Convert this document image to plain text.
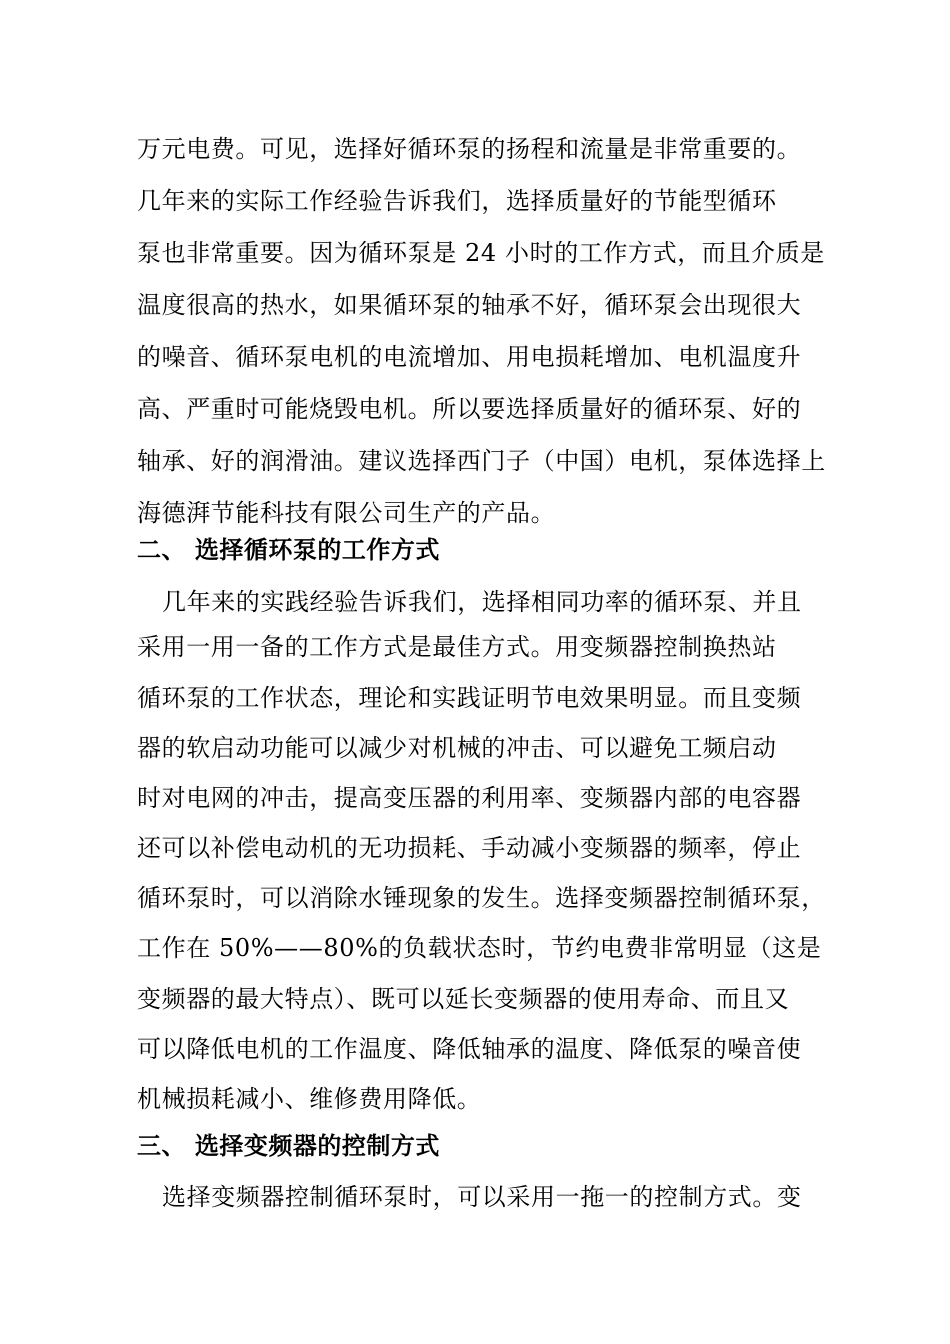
万元电费。可见，选择好循环泵的扬程和流量是非常重要的。
几年来的实际工作经验告诉我们，选择质量好的节能型循环
泵也非常重要。因为循环泵是 24 小时的工作方式，而且介质是
温度很高的热水，如果循环泵的轴承不好，循环泵会出现很大
的噪音、循环泵电机的电流增加、用电损耗增加、电机温度升
高、严重时可能烧毁电机。所以要选择质量好的循环泵、好的
轴承、好的润滑油。建议选择西门子（中国）电机，泵体选择上
海德湃节能科技有限公司生产的产品。
二、 选择循环泵的工作方式
几年来的实践经验告诉我们，选择相同功率的循环泵、并且
采用一用一备的工作方式是最佳方式。用变频器控制换热站
循环泵的工作状态，理论和实践证明节电效果明显。而且变频
器的软启动功能可以减少对机械的冲击、可以避免工频启动
时对电网的冲击，提高变压器的利用率、变频器内部的电容器
还可以补偿电动机的无功损耗、手动减小变频器的频率，停止
循环泵时，可以消除水锤现象的发生。选择变频器控制循环泵，
工作在 50%——80%的负载状态时，节约电费非常明显（这是
变频器的最大特点）、既可以延长变频器的使用寿命、而且又
可以降低电机的工作温度、降低轴承的温度、降低泵的噪音使
机械损耗减小、维修费用降低。
三、 选择变频器的控制方式
选择变频器控制循环泵时，可以采用一拖一的控制方式。变
